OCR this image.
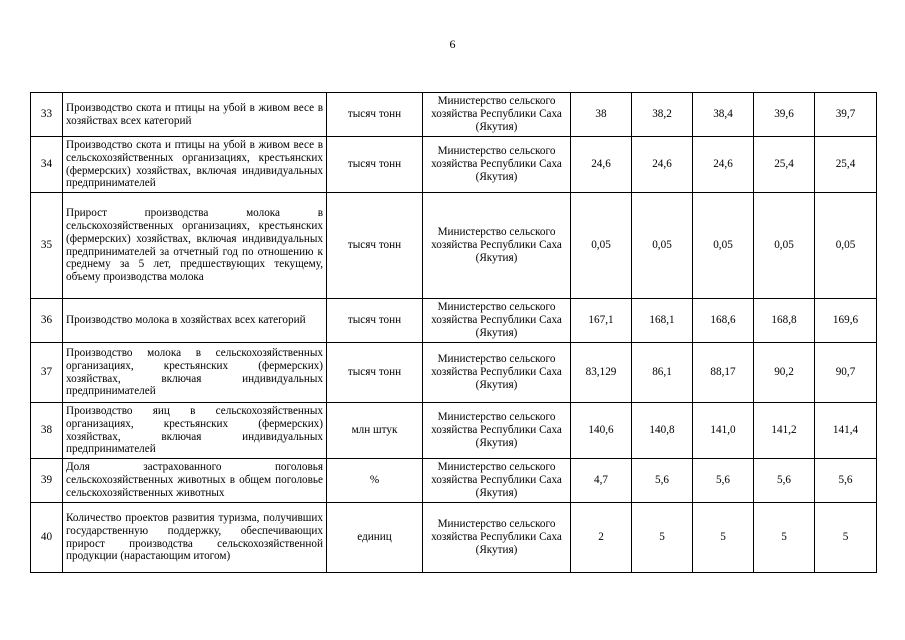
6
33	Производство скота и птицы на убой в живом весе в хозяйствах всех категорий	тысяч тонн	Министерство сельского хозяйства Республики Саха (Якутия)	38	38,2	38,4	39,6	39,7
34	Производство скота и птицы на убой в живом весе в сельскохозяйственных организациях, крестьянских (фермерских) хозяйствах, включая индивидуальных предпринимателей	тысяч тонн	Министерство сельского хозяйства Республики Саха (Якутия)	24,6	24,6	24,6	25,4	25,4
35	Прирост производства молока в сельскохозяйственных организациях, крестьянских (фермерских) хозяйствах, включая индивидуальных предпринимателей за отчетный год по отношению к среднему за 5 лет, предшествующих текущему, объему производства молока	тысяч тонн	Министерство сельского хозяйства Республики Саха (Якутия)	0,05	0,05	0,05	0,05	0,05
36	Производство молока в хозяйствах всех категорий	тысяч тонн	Министерство сельского хозяйства Республики Саха (Якутия)	167,1	168,1	168,6	168,8	169,6
37	Производство молока в сельскохозяйственных организациях, крестьянских (фермерских) хозяйствах, включая индивидуальных предпринимателей	тысяч тонн	Министерство сельского хозяйства Республики Саха (Якутия)	83,129	86,1	88,17	90,2	90,7
38	Производство яиц в сельскохозяйственных организациях, крестьянских (фермерских) хозяйствах, включая индивидуальных предпринимателей	млн штук	Министерство сельского хозяйства Республики Саха (Якутия)	140,6	140,8	141,0	141,2	141,4
39	Доля застрахованного поголовья сельскохозяйственных животных в общем поголовье сельскохозяйственных животных	%	Министерство сельского хозяйства Республики Саха (Якутия)	4,7	5,6	5,6	5,6	5,6
40	Количество проектов развития туризма, получивших государственную поддержку, обеспечивающих прирост производства сельскохозяйственной продукции (нарастающим итогом)	единиц	Министерство сельского хозяйства Республики Саха (Якутия)	2	5	5	5	5
